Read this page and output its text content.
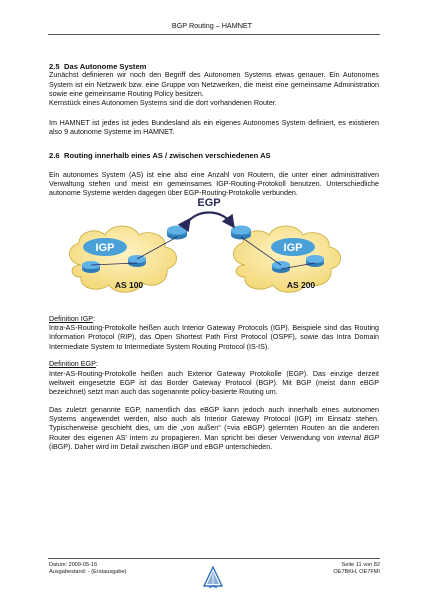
BGP Routing – HAMNET
2.5 Das Autonome System

Zunächst definieren wir noch den Begriff des Autonomen Systems etwas genauer. Ein Autonomes System ist ein Netzwerk bzw. eine Gruppe von Netzwerken, die meist eine gemeinsame Administration sowie eine gemeinsame Routing Policy besitzen.

Kernstück eines Autonomen Systems sind die dort vorhandenen Router.

Im HAMNET ist jedes ist jedes Bundesland als ein eigenes Autonomes System definiert, es existieren also 9 autonome Systeme im HAMNET.

2.6 Routing innerhalb eines AS / zwischen verschiedenen AS

Ein autonomes System (AS) ist eine also eine Anzahl von Routern, die unter einer administrativen Verwaltung stehen und meist ein gemeinsames IGP-Routing-Protokoll benutzen. Unterschiedliche autonome Systeme werden dagegen über EGP-Routing-Protokolle verbunden.

IGP	IGP
EGP
AS 100	AS 200

Definition IGP:

Intra-AS-Routing-Protokolle heißen auch Interior Gateway Protocols (IGP). Beispiele sind das Routing Information Protocol (RIP), das Open Shortest Path First Protocol (OSPF), sowie das Intra Domain Intermediate System to Intermediate System Routing Protocol (IS-IS).

Definition EGP:

Inter-AS-Routing-Protokolle heißen auch Exterior Gateway Protokolle (EGP). Das einzige derzeit weltweit eingesetzte EGP ist das Border Gateway Protocol (BGP). Mit BGP (meist dann eBGP bezeichnet) setzt man auch das sogenannte policy-basierte Routing um.

Das zuletzt genannte EGP, namentlich das eBGP kann jedoch auch innerhalb eines autonomen Systems angewendet werden, also auch als Interior Gateway Protocol (IGP) im Einsatz stehen. Typischerweise geschieht dies, um die „von außen“ (=via eBGP) gelernten Routen an die anderen Router des eigenen AS' intern zu propagieren. Man spricht bei dieser Verwendung von internal BGP (iBGP). Daher wird im Detail zwischen iBGP und eBGP unterschieden.

Datum: 2009-05-16
Ausgabestand: - (Erstausgabe)
Seite 11 von 82
OE7BKH, OE7FMI
